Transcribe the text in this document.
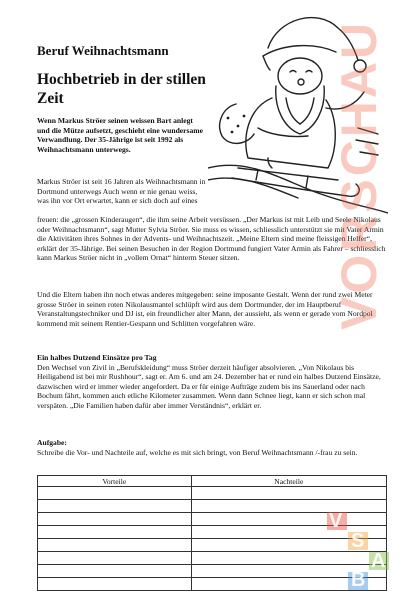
Beruf Weihnachtsmann
Hochbetrieb in der stillen Zeit
Wenn Markus Ströer seinen weissen Bart anlegt und die Mütze aufsetzt, geschieht eine wundersame Verwandlung. Der 35-Jährige ist seit 1992 als Weihnachtsmann unterwegs.
Markus Ströer ist seit 16 Jahren als Weihnachtsmann in Dortmund unterwegs Auch wenn er nie genau weiss, was ihn vor Ort erwartet, kann er sich doch auf eines

freuen: die „grossen Kinderaugen“, die ihm seine Arbeit versüssen. „Der Markus ist mit Leib und Seele Nikolaus oder Weihnachtsmann“, sagt Mutter Sylvia Ströer. Sie muss es wissen, schliesslich unterstützt sie mit Vater Armin die Aktivitäten ihres Sohnes in der Advents- und Weihnachtszeit. „Meine Eltern sind meine fleissigen Helfer“, erklärt der 35-Jährige. Bei seinen Besuchen in der Region Dortmund fungiert Vater Armin als Fahrer – schliesslich kann Markus Ströer nicht in „vollem Ornat“ hinterm Steuer sitzen.

Und die Eltern haben ihn noch etwas anderes mitgegeben: seine imposante Gestalt. Wenn der rund zwei Meter grosse Ströer in seinen roten Nikolausmantel schlüpft wird aus dem Dortmunder, der im Hauptberuf Veranstaltungstechniker und DJ ist, ein freundlicher alter Mann, der aussieht, als wenn er gerade vom Nordpol kommend mit seinem Rentier-Gespann und Schlitten vorgefahren wäre.

Ein halbes Dutzend Einsätze pro Tag

Den Wechsel von Zivil in „Berufskleidung“ muss Ströer derzeit häufiger absolvieren. „Von Nikolaus bis Heiligabend ist bei mir Rushhour“, sagt er. Am 6. und am 24. Dezember hat er rund ein halbes Dutzend Einsätze, dazwischen wird er immer wieder angefordert. Da er für einige Aufträge zudem bis ins Sauerland oder nach Bochum fährt, kommen auch etliche Kilometer zusammen. Wenn dann Schnee liegt, kann er sich schon mal verspäten. „Die Familien haben dafür aber immer Verständnis“, erklärt er.

Aufgabe:

Schreibe die Vor- und Nachteile auf, welche es mit sich bringt, von Beruf Weihnachtsmann /-frau zu sein.

Vorteile	Nachteile

V
S
A
B
VORSCHAU
